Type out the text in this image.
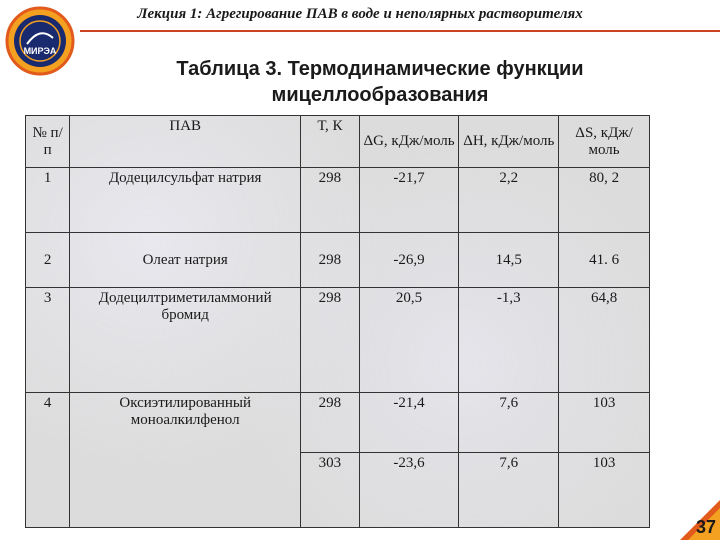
Лекция 1: Агрегирование ПАВ в воде и неполярных растворителях
МИРЭА
Таблица 3. Термодинамические функции
мицеллообразования
№ п/п	ПАВ	Т, К	ΔG, кДж/моль	ΔH, кДж/моль	ΔS, кДж/моль
1	Додецилсульфат натрия	298	-21,7	2,2	80, 2
2	Олеат натрия	298	-26,9	14,5	41. 6
3	Додецилтриметиламмоний бромид	298	20,5	-1,3	64,8
4	Оксиэтилированный моноалкилфенол	298	-21,4	7,6	103
		303	-23,6	7,6	103
37
